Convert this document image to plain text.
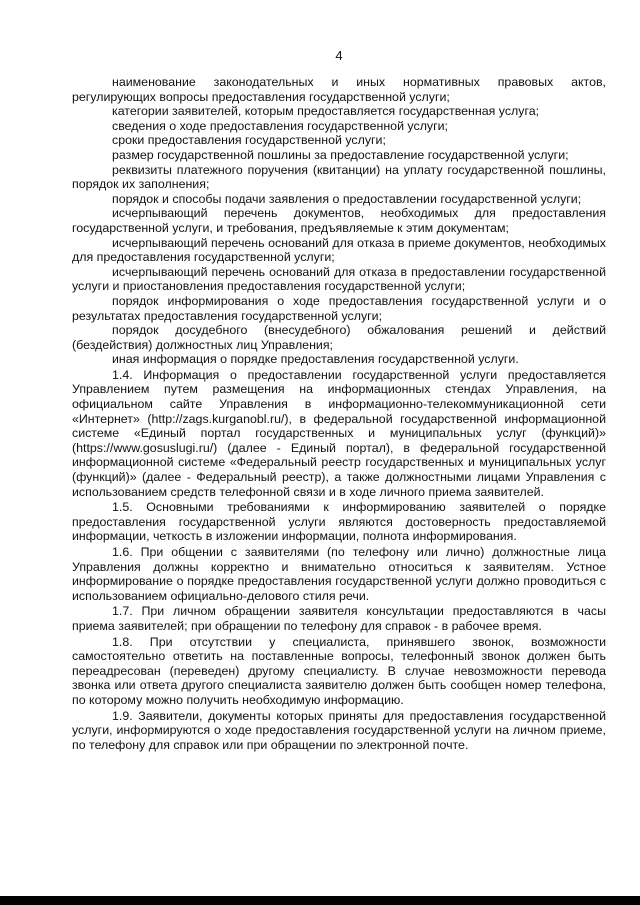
4

наименование законодательных и иных нормативных правовых актов, регулирующих вопросы предоставления государственной услуги;

категории заявителей, которым предоставляется государственная услуга;

сведения о ходе предоставления государственной услуги;

сроки предоставления государственной услуги;

размер государственной пошлины за предоставление государственной услуги;

реквизиты платежного поручения (квитанции) на уплату государственной пошлины, порядок их заполнения;

порядок и способы подачи заявления о предоставлении государственной услуги;

исчерпывающий перечень документов, необходимых для предоставления государственной услуги, и требования, предъявляемые к этим документам;

исчерпывающий перечень оснований для отказа в приеме документов, необходимых для предоставления государственной услуги;

исчерпывающий перечень оснований для отказа в предоставлении государственной услуги и приостановления предоставления государственной услуги;

порядок информирования о ходе предоставления государственной услуги и о результатах предоставления государственной услуги;

порядок досудебного (внесудебного) обжалования решений и действий (бездействия) должностных лиц Управления;

иная информация о порядке предоставления государственной услуги.

1.4. Информация о предоставлении государственной услуги предоставляется Управлением путем размещения на информационных стендах Управления, на официальном сайте Управления в информационно-телекоммуникационной сети «Интернет» (http://zags.kurganobl.ru/), в федеральной государственной информационной системе «Единый портал государственных и муниципальных услуг (функций)» (https://www.gosuslugi.ru/) (далее - Единый портал), в федеральной государственной информационной системе «Федеральный реестр государственных и муниципальных услуг (функций)» (далее - Федеральный реестр), а также должностными лицами Управления с использованием средств телефонной связи и в ходе личного приема заявителей.

1.5. Основными требованиями к информированию заявителей о порядке предоставления государственной услуги являются достоверность предоставляемой информации, четкость в изложении информации, полнота информирования.

1.6. При общении с заявителями (по телефону или лично) должностные лица Управления должны корректно и внимательно относиться к заявителям. Устное информирование о порядке предоставления государственной услуги должно проводиться с использованием официально-делового стиля речи.

1.7. При личном обращении заявителя консультации предоставляются в часы приема заявителей; при обращении по телефону для справок - в рабочее время.

1.8. При отсутствии у специалиста, принявшего звонок, возможности самостоятельно ответить на поставленные вопросы, телефонный звонок должен быть переадресован (переведен) другому специалисту. В случае невозможности перевода звонка или ответа другого специалиста заявителю должен быть сообщен номер телефона, по которому можно получить необходимую информацию.

1.9. Заявители, документы которых приняты для предоставления государственной услуги, информируются о ходе предоставления государственной услуги на личном приеме, по телефону для справок или при обращении по электронной почте.
